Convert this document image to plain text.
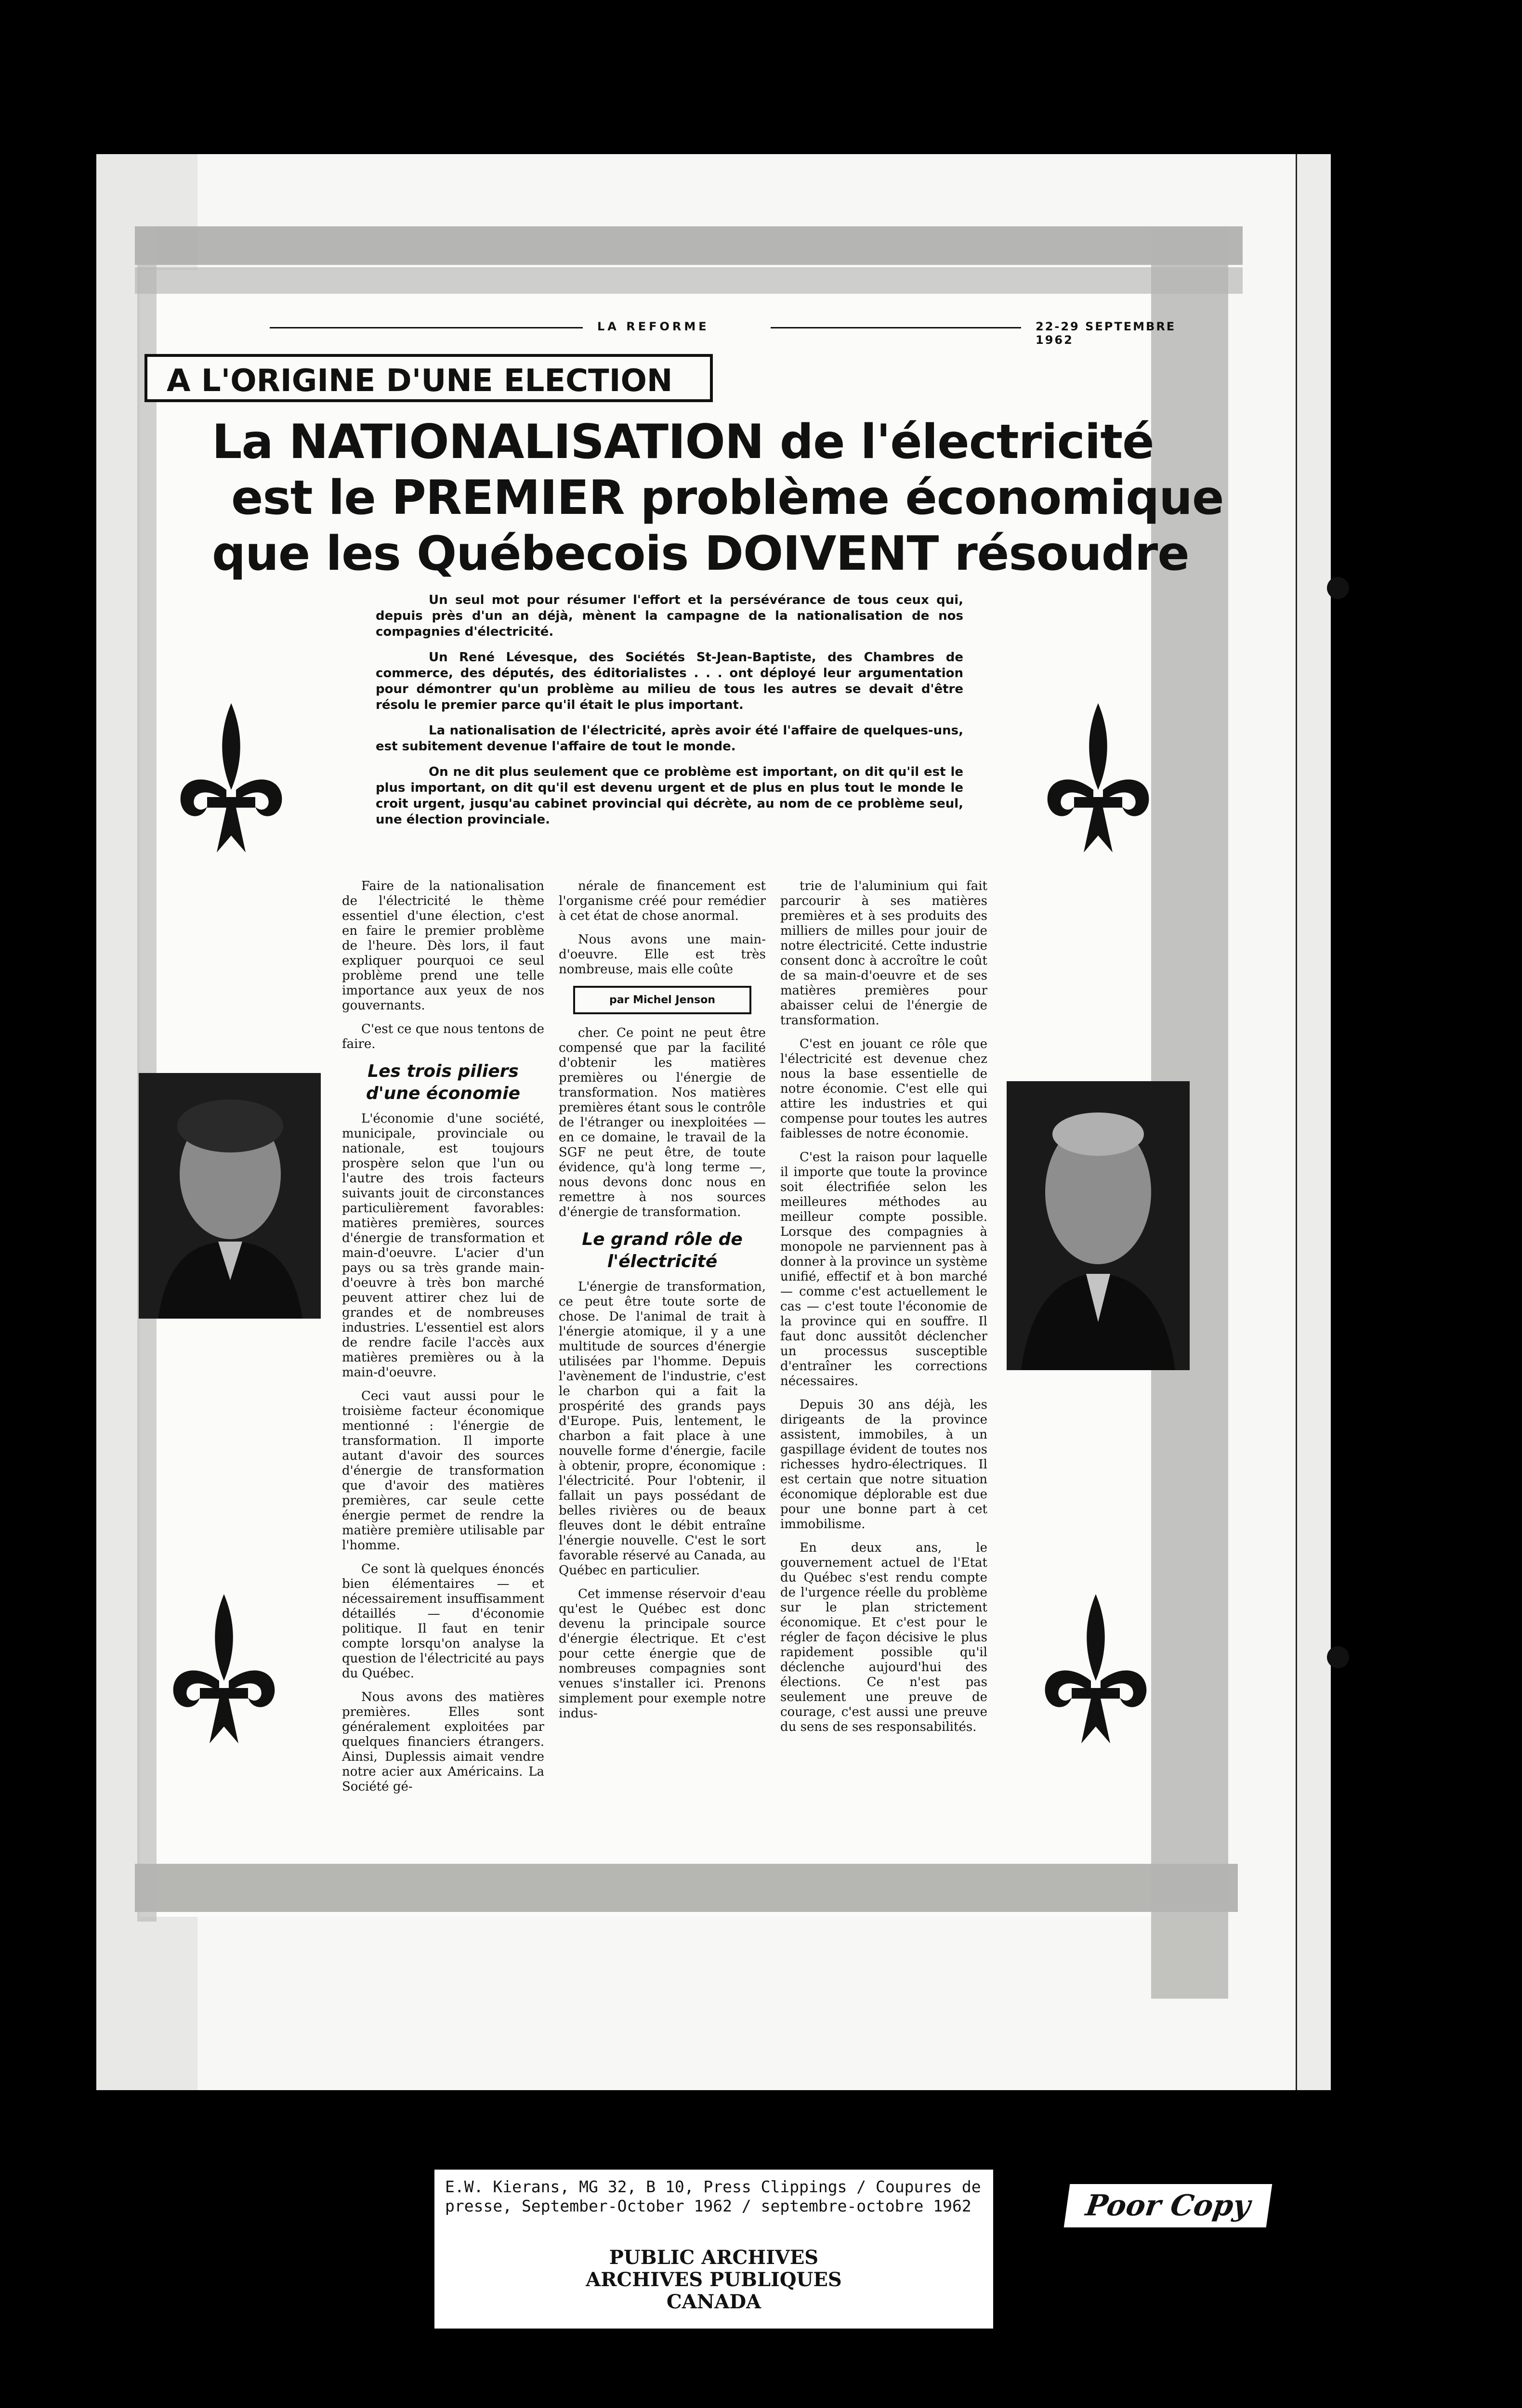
LA REFORME	22-29 SEPTEMBRE 1962
A L'ORIGINE D'UNE ELECTION
La NATIONALISATION de l'électricité
est le PREMIER problème économique
que les Québecois DOIVENT résoudre

Un seul mot pour résumer l'effort et la persévérance de tous ceux qui, depuis près d'un an déjà, mènent la campagne de la nationalisation de nos compagnies d'électricité.

Un René Lévesque, des Sociétés St-Jean-Baptiste, des Chambres de commerce, des députés, des éditorialistes . . . ont déployé leur argumentation pour démontrer qu'un problème au milieu de tous les autres se devait d'être résolu le premier parce qu'il était le plus important.

La nationalisation de l'électricité, après avoir été l'affaire de quelques-uns, est subitement devenue l'affaire de tout le monde.

On ne dit plus seulement que ce problème est important, on dit qu'il est le plus important, on dit qu'il est devenu urgent et de plus en plus tout le monde le croit urgent, jusqu'au cabinet provincial qui décrète, au nom de ce problème seul, une élection provinciale.

Faire de la nationalisation de l'électricité le thème essentiel d'une élection, c'est en faire le premier problème de l'heure. Dès lors, il faut expliquer pourquoi ce seul problème prend une telle importance aux yeux de nos gouvernants.

C'est ce que nous tentons de faire.

Les trois piliers d'une économie

L'économie d'une société, municipale, provinciale ou nationale, est toujours prospère selon que l'un ou l'autre des trois facteurs suivants jouit de circonstances particulièrement favorables: matières premières, sources d'énergie de transformation et main-d'oeuvre. L'acier d'un pays ou sa très grande main-d'oeuvre à très bon marché peuvent attirer chez lui de grandes et de nombreuses industries. L'essentiel est alors de rendre facile l'accès aux matières premières ou à la main-d'oeuvre.

Ceci vaut aussi pour le troisième facteur économique mentionné : l'énergie de transformation. Il importe autant d'avoir des sources d'énergie de transformation que d'avoir des matières premières, car seule cette énergie permet de rendre la matière première utilisable par l'homme.

Ce sont là quelques énoncés bien élémentaires — et nécessairement insuffisamment détaillés — d'économie politique. Il faut en tenir compte lorsqu'on analyse la question de l'électricité au pays du Québec.

Nous avons des matières premières. Elles sont généralement exploitées par quelques financiers étrangers. Ainsi, Duplessis aimait vendre notre acier aux Américains. La Société gé-

nérale de financement est l'organisme créé pour remédier à cet état de chose anormal.

Nous avons une main-d'oeuvre. Elle est très nombreuse, mais elle coûte

par Michel Jenson

cher. Ce point ne peut être compensé que par la facilité d'obtenir les matières premières ou l'énergie de transformation. Nos matières premières étant sous le contrôle de l'étranger ou inexploitées — en ce domaine, le travail de la SGF ne peut être, de toute évidence, qu'à long terme —, nous devons donc nous en remettre à nos sources d'énergie de transformation.

Le grand rôle de l'électricité

L'énergie de transformation, ce peut être toute sorte de chose. De l'animal de trait à l'énergie atomique, il y a une multitude de sources d'énergie utilisées par l'homme. Depuis l'avènement de l'industrie, c'est le charbon qui a fait la prospérité des grands pays d'Europe. Puis, lentement, le charbon a fait place à une nouvelle forme d'énergie, facile à obtenir, propre, économique : l'électricité. Pour l'obtenir, il fallait un pays possédant de belles rivières ou de beaux fleuves dont le débit entraîne l'énergie nouvelle. C'est le sort favorable réservé au Canada, au Québec en particulier.

Cet immense réservoir d'eau qu'est le Québec est donc devenu la principale source d'énergie électrique. Et c'est pour cette énergie que de nombreuses compagnies sont venues s'installer ici. Prenons simplement pour exemple notre indus-

trie de l'aluminium qui fait parcourir à ses matières premières et à ses produits des milliers de milles pour jouir de notre électricité. Cette industrie consent donc à accroître le coût de sa main-d'oeuvre et de ses matières premières pour abaisser celui de l'énergie de transformation.

C'est en jouant ce rôle que l'électricité est devenue chez nous la base essentielle de notre économie. C'est elle qui attire les industries et qui compense pour toutes les autres faiblesses de notre économie.

C'est la raison pour laquelle il importe que toute la province soit électrifiée selon les meilleures méthodes au meilleur compte possible. Lorsque des compagnies à monopole ne parviennent pas à donner à la province un système unifié, effectif et à bon marché — comme c'est actuellement le cas — c'est toute l'économie de la province qui en souffre. Il faut donc aussitôt déclencher un processus susceptible d'entraîner les corrections nécessaires.

Depuis 30 ans déjà, les dirigeants de la province assistent, immobiles, à un gaspillage évident de toutes nos richesses hydro-électriques. Il est certain que notre situation économique déplorable est due pour une bonne part à cet immobilisme.

En deux ans, le gouvernement actuel de l'Etat du Québec s'est rendu compte de l'urgence réelle du problème sur le plan strictement économique. Et c'est pour le régler de façon décisive le plus rapidement possible qu'il déclenche aujourd'hui des élections. Ce n'est pas seulement une preuve de courage, c'est aussi une preuve du sens de ses responsabilités.

E.W. Kierans, MG 32, B 10, Press Clippings / Coupures de presse, September-October 1962 / septembre-octobre 1962
PUBLIC ARCHIVES
ARCHIVES PUBLIQUES
CANADA
Poor Copy
